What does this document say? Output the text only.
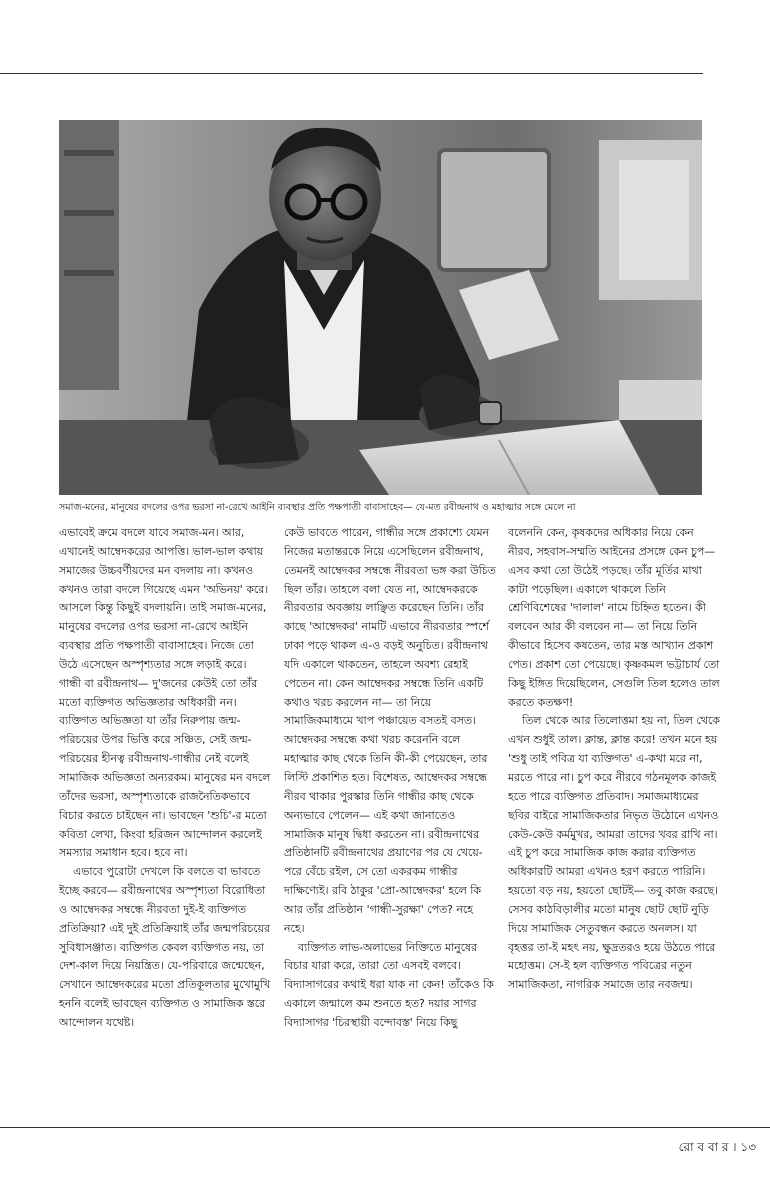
সমাজ-মনের, মানুষের বদলের ওপর ভরসা না-রেখে আইনি ব্যবস্থার প্রতি পক্ষপাতী বাবাসাহেব— যে-মত রবীন্দ্রনাথ ও মহাত্মার সঙ্গে মেলে না

এভাবেই ক্রমে বদলে যাবে সমাজ-মন। আর, এখানেই আম্বেদকরের আপত্তি। ভাল-ভাল কথায় সমাজের উচ্চবর্ণীয়দের মন বদলায় না। কখনও কখনও তারা বদলে গিয়েছে এমন 'অভিনয়' করে। আসলে কিন্তু কিছুই বদলায়নি। তাই সমাজ-মনের, মানুষের বদলের ওপর ভরসা না-রেখে আইনি ব্যবস্থার প্রতি পক্ষপাতী বাবাসাহেব। নিজে তো উঠে এসেছেন অস্পৃশ্যতার সঙ্গে লড়াই করে। গান্ধী বা রবীন্দ্রনাথ— দু'জনের কেউই তো তাঁর মতো ব্যক্তিগত অভিজ্ঞতার অধিকারী নন। ব্যক্তিগত অভিজ্ঞতা যা তাঁর নিরুপায় জন্ম-পরিচয়ের উপর ভিত্তি করে সঞ্চিত, সেই জন্ম-পরিচয়ের হীনত্ব রবীন্দ্রনাথ-গান্ধীর নেই বলেই সামাজিক অভিজ্ঞতা অন্যরকম। মানুষের মন বদলে তাঁদের ভরসা, অস্পৃশ্যতাকে রাজনৈতিকভাবে বিচার করতে চাইছেন না। ভাবছেন 'শুচি'-র মতো কবিতা লেখা, কিংবা হরিজন আন্দোলন করলেই সমস্যার সমাধান হবে। হবে না।

এভাবে পুরোটা দেখলে কি বলতে বা ভাবতে ইচ্ছে করবে— রবীন্দ্রনাথের অস্পৃশ্যতা বিরোধিতা ও আম্বেদকর সম্বন্ধে নীরবতা দুই-ই ব্যক্তিগত প্রতিক্রিয়া? এই দুই প্রতিক্রিয়াই তাঁর জন্মপরিচয়ের সুবিধাসঞ্জাত। ব্যক্তিগত কেবল ব্যক্তিগত নয়, তা দেশ-কাল দিয়ে নিয়ন্ত্রিত। যে-পরিবারে জন্মেছেন, সেখানে আম্বেদকরের মতো প্রতিকূলতার মুখোমুখি হননি বলেই ভাবছেন ব্যক্তিগত ও সামাজিক স্তরে আন্দোলন যথেষ্ট।

কেউ ভাবতে পারেন, গান্ধীর সঙ্গে প্রকাশ্যে যেমন নিজের মতান্তরকে নিয়ে এসেছিলেন রবীন্দ্রনাথ, তেমনই আম্বেদকর সম্বন্ধে নীরবতা ভঙ্গ করা উচিত ছিল তাঁর। তাহলে বলা যেত না, আম্বেদকরকে নীরবতার অবজ্ঞায় লাঞ্ছিত করেছেন তিনি। তাঁর কাছে 'আম্বেদকর' নামটি এভাবে নীরবতার স্পর্শে ঢাকা পড়ে থাকল এ-ও বড়ই অনুচিত। রবীন্দ্রনাথ যদি একালে থাকতেন, তাহলে অবশ্য রেহাই পেতেন না। কেন আম্বেদকর সম্বন্ধে তিনি একটি কথাও খরচ করলেন না— তা নিয়ে সামাজিকমাধ্যমে খাপ পঞ্চায়েত বসতই বসত। আম্বেদকর সম্বন্ধে কথা খরচ করেননি বলে মহাত্মার কাছ থেকে তিনি কী-কী পেয়েছেন, তার লিস্টি প্রকাশিত হত। বিশেষত, আম্বেদকর সম্বন্ধে নীরব থাকার পুরস্কার তিনি গান্ধীর কাছ থেকে অন্যভাবে পেলেন— এই কথা জানাতেও সামাজিক মানুষ দ্বিধা করতেন না। রবীন্দ্রনাথের প্রতিষ্ঠানটি রবীন্দ্রনাথের প্রয়াণের পর যে খেয়ে-পরে বেঁচে রইল, সে তো একরকম গান্ধীর দাক্ষিণ্যেই। রবি ঠাকুর 'প্রো-আম্বেদকর' হলে কি আর তাঁর প্রতিষ্ঠান 'গান্ধী-সুরক্ষা' পেত? নহে নহে।

ব্যক্তিগত লাভ-অলাভের নিক্তিতে মানুষের বিচার যারা করে, তারা তো এসবই বলবে। বিদ্যাসাগরের কথাই ধরা যাক না কেন! তাঁকেও কি একালে জন্মালে কম শুনতে হত? দয়ার সাগর বিদ্যাসাগর 'চিরস্থায়ী বন্দোবস্ত' নিয়ে কিছু

বলেননি কেন, কৃষকদের অধিকার নিয়ে কেন নীরব, সহবাস-সম্মতি আইনের প্রসঙ্গে কেন চুপ— এসব কথা তো উঠেই পড়ছে। তাঁর মূর্তির মাথা কাটা পড়েছিল। একালে থাকলে তিনি শ্রেণিবিশেষের 'দালাল' নামে চিহ্নিত হতেন। কী বলবেন আর কী বলবেন না— তা নিয়ে তিনি কীভাবে হিসেব কষতেন, তার মস্ত আখ্যান প্রকাশ পেত। প্রকাশ তো পেয়েছে। কৃষ্ণকমল ভট্টাচার্য তো কিছু ইঙ্গিত দিয়েছিলেন, সেগুলি তিল হলেও তাল করতে কতক্ষণ!

তিল থেকে আর তিলোত্তমা হয় না, তিল থেকে এখন শুধুই তাল। ক্লান্ত, ক্লান্ত করে! তখন মনে হয় 'শুধু তাই পবিত্র যা ব্যক্তিগত' এ-কথা মরে না, মরতে পারে না। চুপ করে নীরবে গঠনমূলক কাজই হতে পারে ব্যক্তিগত প্রতিবাদ। সমাজমাধ্যমের ছবির বাইরে সামাজিকতার নিভৃত উঠোনে এখনও কেউ-কেউ কর্মমুখর, আমরা তাদের খবর রাখি না। এই চুপ করে সামাজিক কাজ করার ব্যক্তিগত অধিকারটি আমরা এখনও হরণ করতে পারিনি। হয়তো বড় নয়, হয়তো ছোটই— তবু কাজ করছে। সেসব কাঠবিড়ালীর মতো মানুষ ছোট ছোট নুড়ি দিয়ে সামাজিক সেতুবন্ধন করতে অনলস। যা বৃহত্তর তা-ই মহৎ নয়, ক্ষুদ্রতরও হয়ে উঠতে পারে মহোত্তম। সে-ই হল ব্যক্তিগত পবিত্রের নতুন সামাজিকতা, নাগরিক সমাজে তার নবজন্ম।

রো ব বা র । ১৩
